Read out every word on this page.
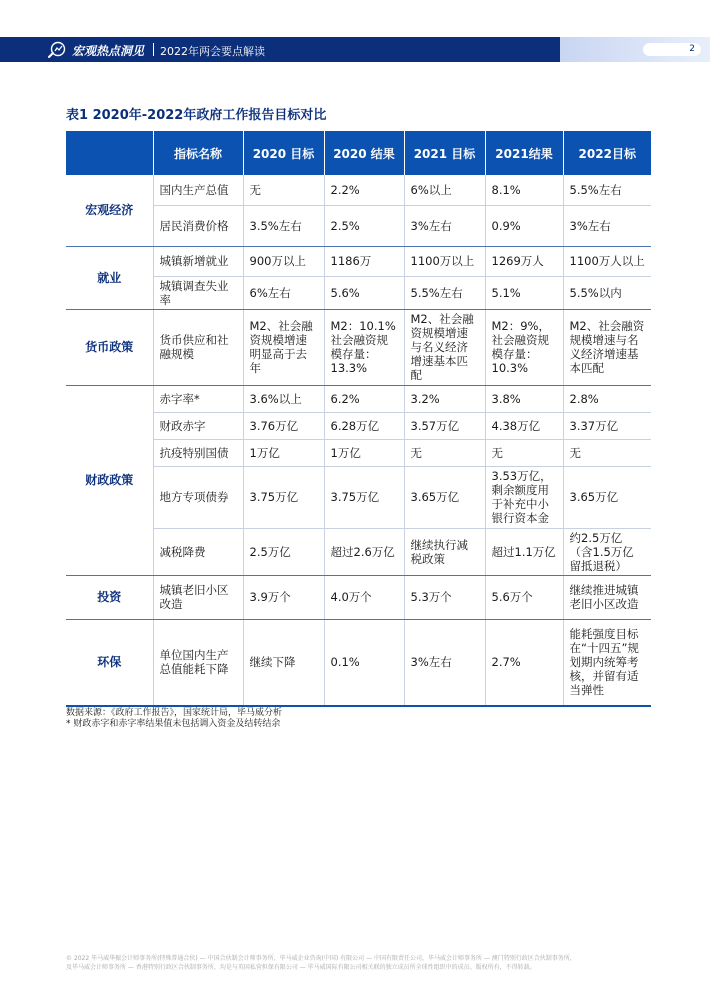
宏观热点洞见 2022年两会要点解读	2
表1 2020年-2022年政府工作报告目标对比
	指标名称	2020 目标	2020 结果	2021 目标	2021结果	2022目标
宏观经济	国内生产总值	无	2.2%	6%以上	8.1%	5.5%左右
	居民消费价格	3.5%左右	2.5%	3%左右	0.9%	3%左右
就业	城镇新增就业	900万以上	1186万	1100万以上	1269万人	1100万人以上
	城镇调查失业率	6%左右	5.6%	5.5%左右	5.1%	5.5%以内
货币政策	货币供应和社融规模	M2、社会融资规模增速明显高于去年	M2：10.1% 社会融资规模存量：13.3%	M2、社会融资规模增速与名义经济增速基本匹配	M2：9%，社会融资规模存量：10.3%	M2、社会融资规模增速与名义经济增速基本匹配
财政政策	赤字率*	3.6%以上	6.2%	3.2%	3.8%	2.8%
	财政赤字	3.76万亿	6.28万亿	3.57万亿	4.38万亿	3.37万亿
	抗疫特别国债	1万亿	1万亿	无	无	无
	地方专项债券	3.75万亿	3.75万亿	3.65万亿	3.53万亿，剩余额度用于补充中小银行资本金	3.65万亿
	减税降费	2.5万亿	超过2.6万亿	继续执行减税政策	超过1.1万亿	约2.5万亿（含1.5万亿留抵退税）
投资	城镇老旧小区改造	3.9万个	4.0万个	5.3万个	5.6万个	继续推进城镇老旧小区改造
环保	单位国内生产总值能耗下降	继续下降	0.1%	3%左右	2.7%	能耗强度目标在“十四五”规划期内统筹考核，并留有适当弹性
数据来源：《政府工作报告》，国家统计局，毕马威分析
* 财政赤字和赤字率结果值未包括调入资金及结转结余
© 2022 毕马威华振会计师事务所(特殊普通合伙) — 中国合伙制会计师事务所，毕马威企业咨询(中国) 有限公司 — 中国有限责任公司，毕马威会计师事务所 — 澳门特别行政区合伙制事务所，
及毕马威会计师事务所 — 香港特别行政区合伙制事务所，均是与英国私营担保有限公司 — 毕马威国际有限公司相关联的独立成员所全球性组织中的成员。版权所有，不得转载。
